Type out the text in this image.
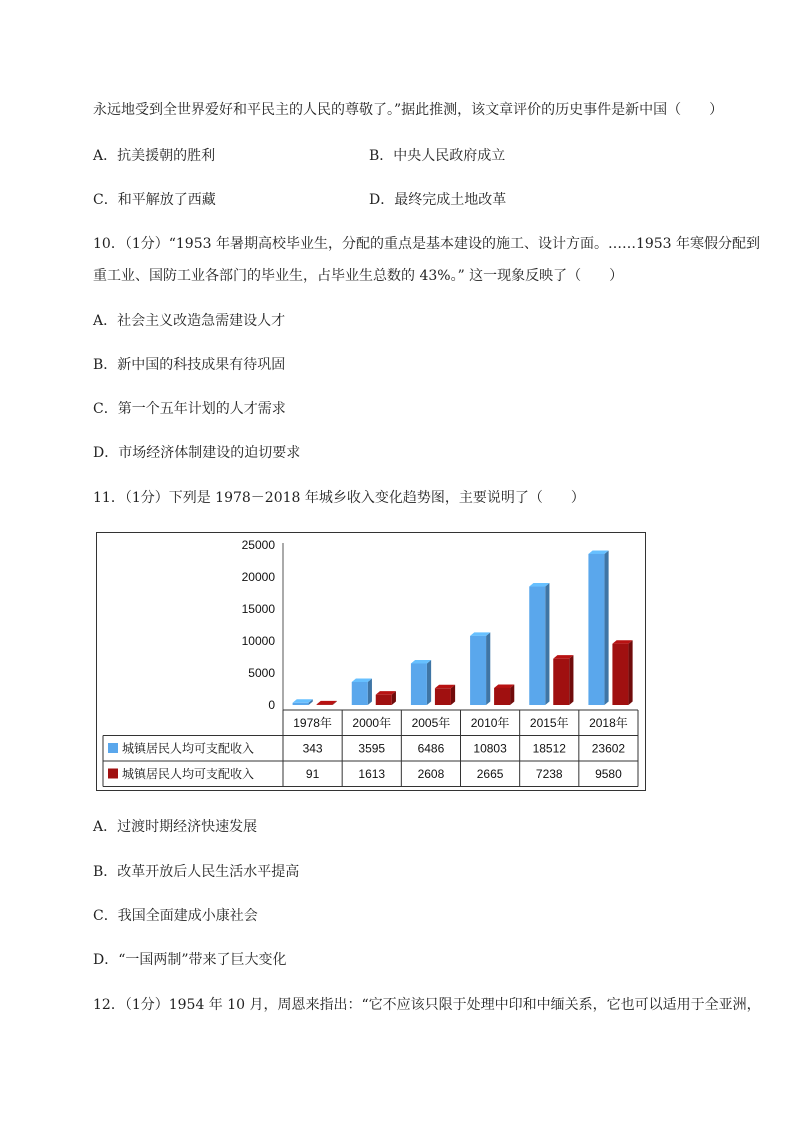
永远地受到全世界爱好和平民主的人民的尊敬了。”据此推测，该文章评价的历史事件是新中国（　　）
A．抗美援朝的胜利	B．中央人民政府成立
C．和平解放了西藏	D．最终完成土地改革
10．（1分）“1953 年暑期高校毕业生，分配的重点是基本建设的施工、设计方面。……1953 年寒假分配到
重工业、国防工业各部门的毕业生，占毕业生总数的 43%。” 这一现象反映了（　　）
A．社会主义改造急需建设人才
B．新中国的科技成果有待巩固
C．第一个五年计划的人才需求
D．市场经济体制建设的迫切要求
11．（1分）下列是 1978－2018 年城乡收入变化趋势图，主要说明了（　　）
25000
20000
15000
10000
5000
0
1978年 2000年 2005年 2010年 2015年 2018年
城镇居民人均可支配收入	343	3595	6486 10803 18512 23602
城镇居民人均可支配收入	91	1613	2608	2665	7238	9580
A．过渡时期经济快速发展
B．改革开放后人民生活水平提高
C．我国全面建成小康社会
D．“一国两制”带来了巨大变化
12．（1分）1954 年 10 月，周恩来指出：“它不应该只限于处理中印和中缅关系，它也可以适用于全亚洲，
